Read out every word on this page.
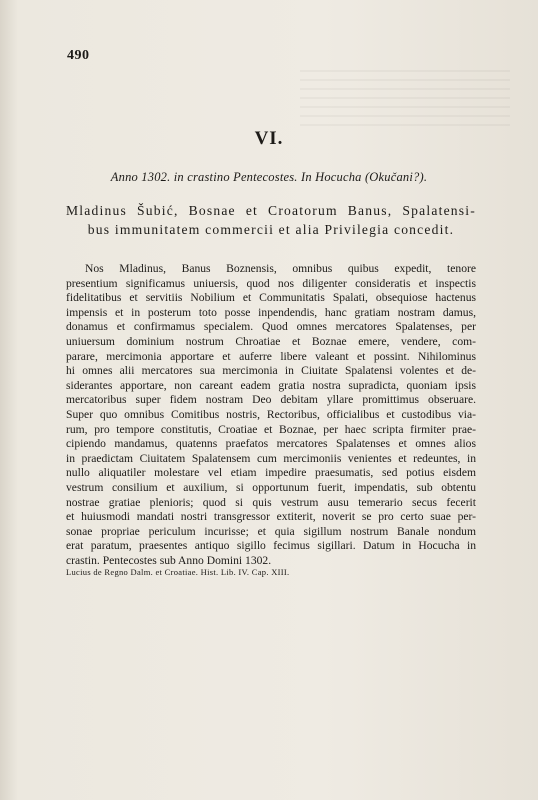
490
VI.
Anno 1302. in crastino Pentecostes. In Hocucha (Okučani?).
Mladinus Šubić, Bosnae et Croatorum Banus, Spalatensi-
bus immunitatem commercii et alia Privilegia concedit.
Nos Mladinus, Banus Boznensis, omnibus quibus expedit, tenore
presentium significamus uniuersis, quod nos diligenter consideratis et inspectis
fidelitatibus et servitiis Nobilium et Communitatis Spalati, obsequiose hactenus
impensis et in posterum toto posse inpendendis, hanc gratiam nostram damus,
donamus et confirmamus specialem. Quod omnes mercatores Spalatenses, per
uniuersum dominium nostrum Chroatiae et Boznae emere, vendere, com-
parare, mercimonia apportare et auferre libere valeant et possint. Nihilominus
hi omnes alii mercatores sua mercimonia in Ciuitate Spalatensi volentes et de-
siderantes apportare, non careant eadem gratia nostra supradicta, quoniam ipsis
mercatoribus super fidem nostram Deo debitam yllare promittimus obseruare.
Super quo omnibus Comitibus nostris, Rectoribus, officialibus et custodibus via-
rum, pro tempore constitutis, Croatiae et Boznae, per haec scripta firmiter prae-
cipiendo mandamus, quatenns praefatos mercatores Spalatenses et omnes alios
in praedictam Ciuitatem Spalatensem cum mercimoniis venientes et redeuntes, in
nullo aliquatiler molestare vel etiam impedire praesumatis, sed potius eisdem
vestrum consilium et auxilium, si opportunum fuerit, impendatis, sub obtentu
nostrae gratiae plenioris; quod si quis vestrum ausu temerario secus fecerit
et huiusmodi mandati nostri transgressor extiterit, noverit se pro certo suae per-
sonae propriae periculum incurisse; et quia sigillum nostrum Banale nondum
erat paratum, praesentes antiquo sigillo fecimus sigillari. Datum in Hocucha in
crastin. Pentecostes sub Anno Domini 1302.
Lucius de Regno Dalm. et Croatiae. Hist. Lib. IV. Cap. XIII.
